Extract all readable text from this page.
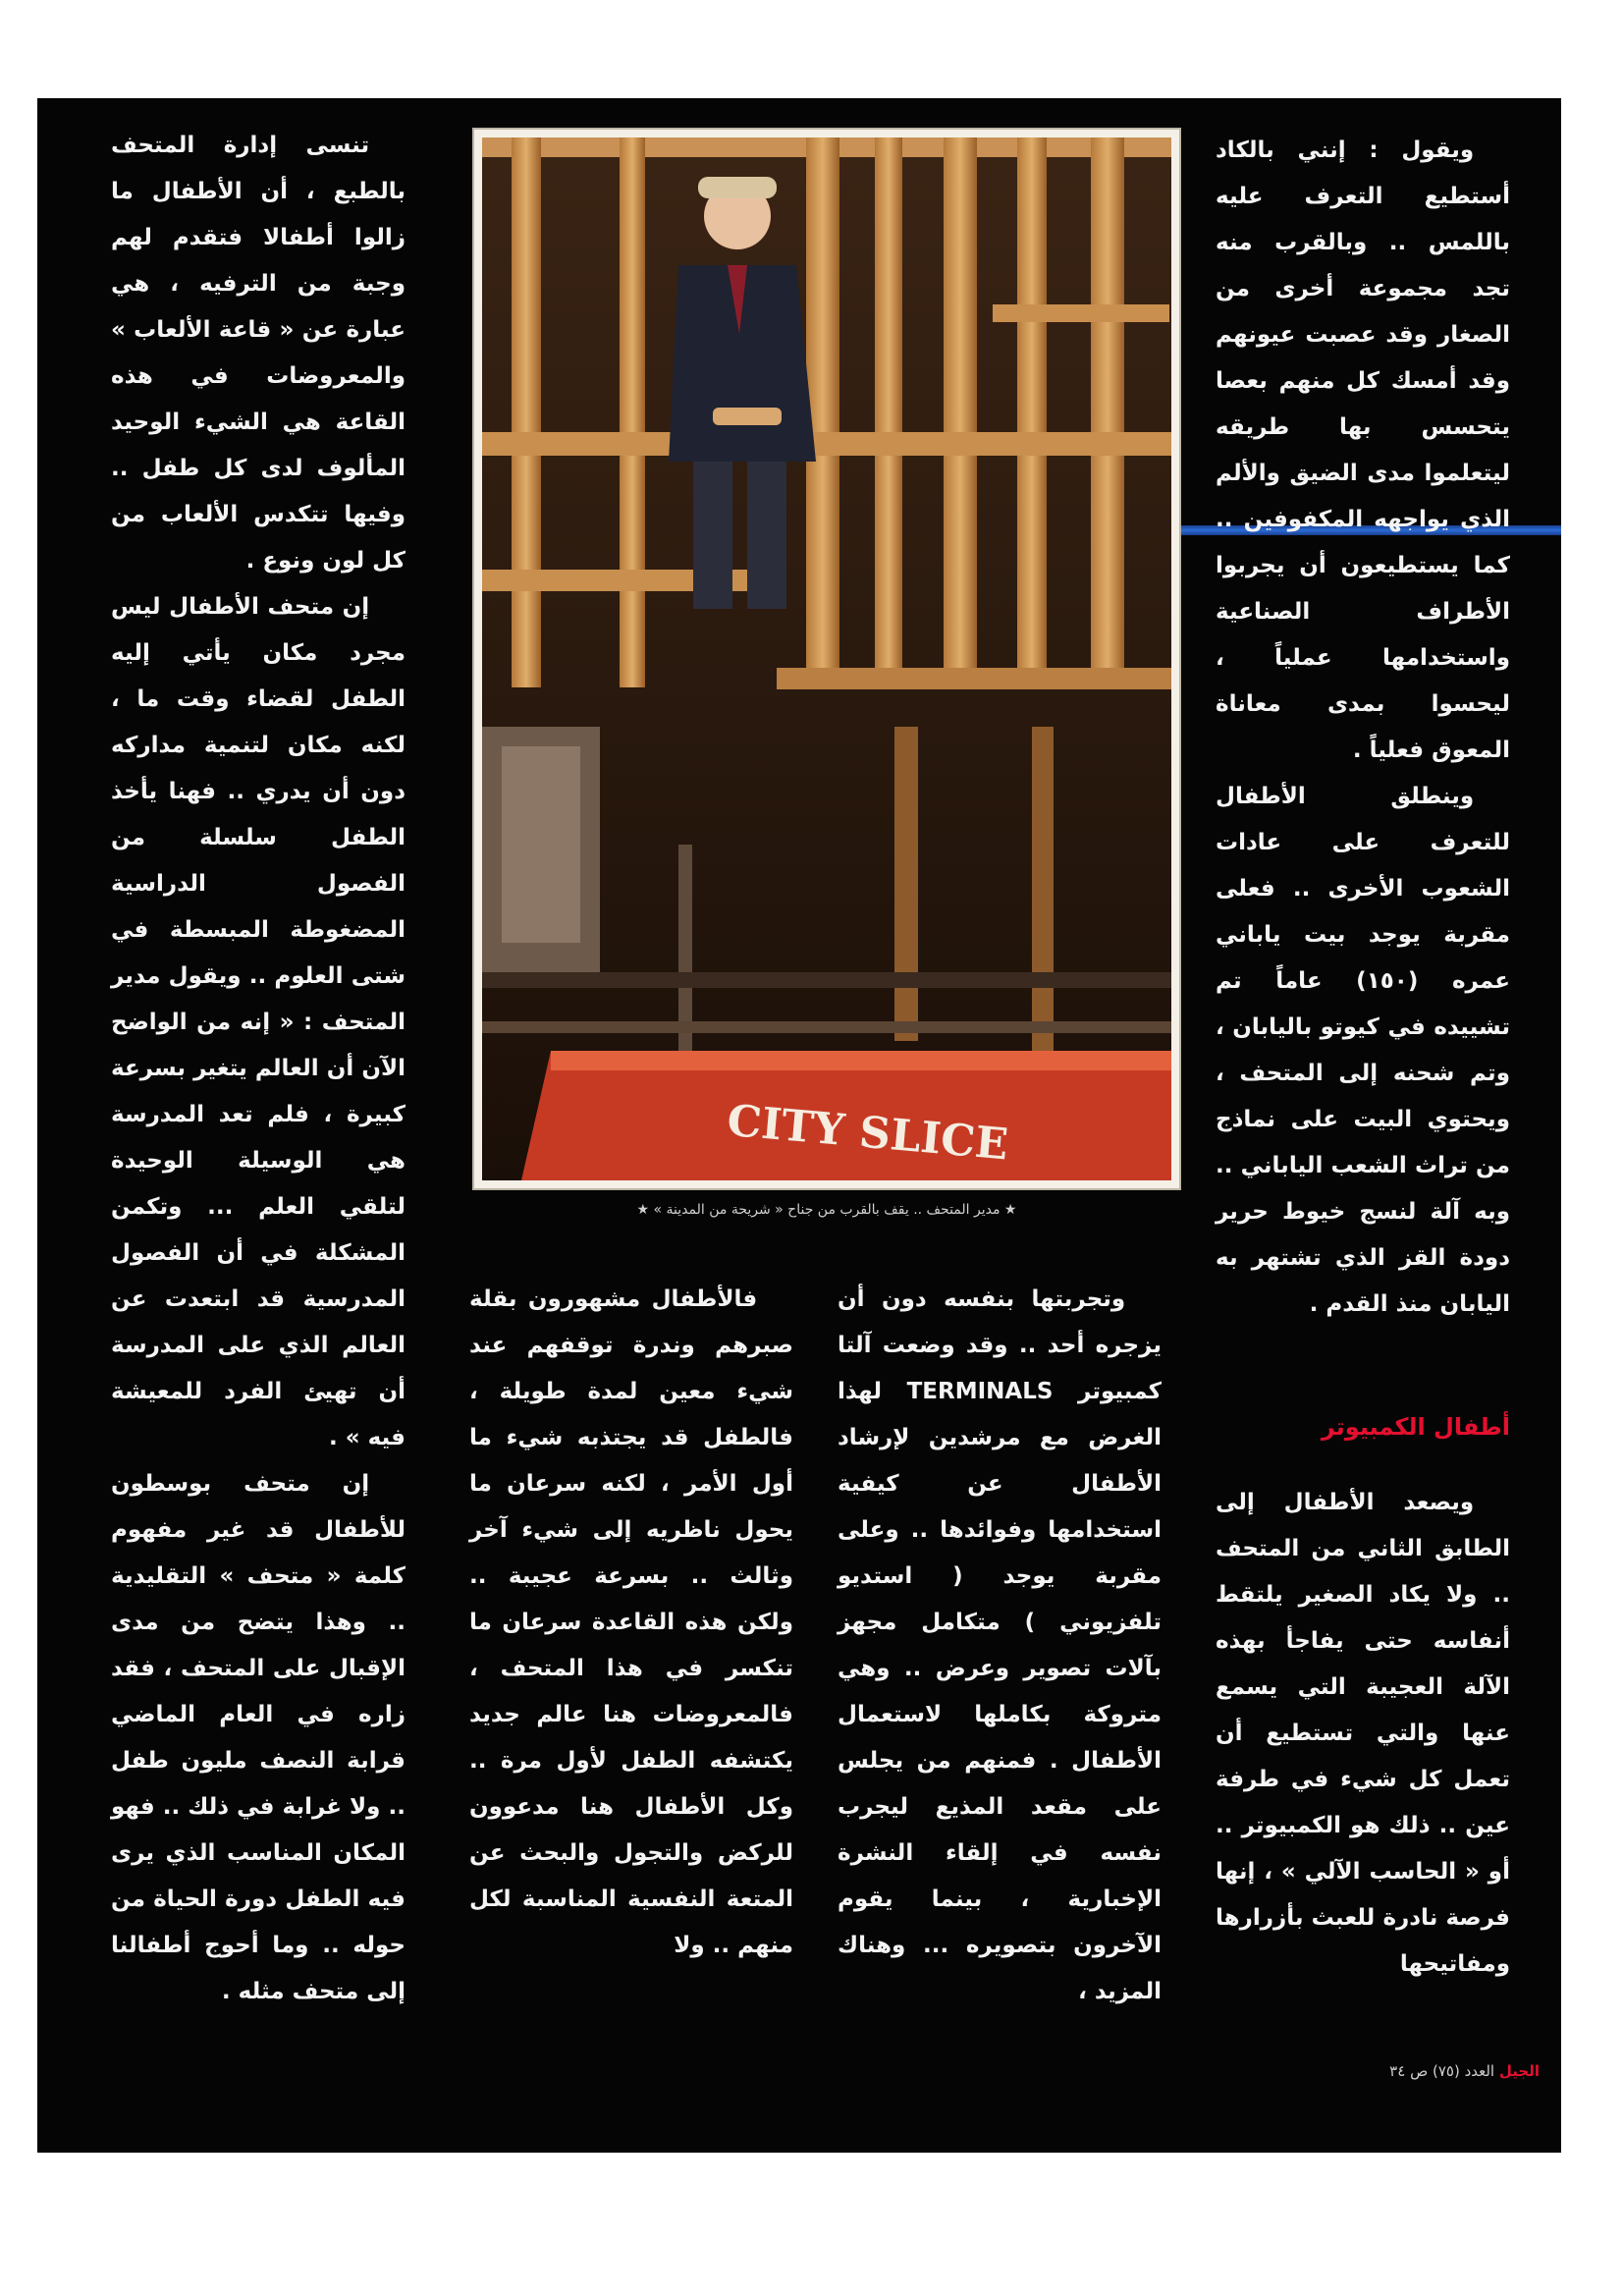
ويقول : إنني بالكاد أستطيع التعرف عليه باللمس .. وبالقرب منه تجد مجموعة أخرى من الصغار وقد عصبت عيونهم وقد أمسك كل منهم بعصا يتحسس بها طريقه ليتعلموا مدى الضيق والألم الذي يواجهه المكفوفين .. كما يستطيعون أن يجربوا الأطراف الصناعية واستخدامها عملياً ، ليحسوا بمدى معاناة المعوق فعلياً .

وينطلق الأطفال للتعرف على عادات الشعوب الأخرى .. فعلى مقربة يوجد بيت ياباني عمره (١٥٠) عاماً تم تشييده في كيوتو باليابان ، وتم شحنه إلى المتحف ، ويحتوي البيت على نماذج من تراث الشعب الياباني .. وبه آلة لنسج خيوط حرير دودة القز الذي تشتهر به اليابان منذ القدم .

أطفال الكمبيوتر

ويصعد الأطفال إلى الطابق الثاني من المتحف .. ولا يكاد الصغير يلتقط أنفاسه حتى يفاجأ بهذه الآلة العجيبة التي يسمع عنها والتي تستطيع أن تعمل كل شيء في طرفة عين .. ذلك هو الكمبيوتر .. أو « الحاسب الآلي » ، إنها فرصة نادرة للعبث بأزرارها ومفاتيحها

CITY SLICE
★ مدير المتحف .. يقف بالقرب من جناح « شريحة من المدينة » ★

وتجربتها بنفسه دون أن يزجره أحد .. وقد وضعت آلتا كمبيوتر TERMINALS لهذا الغرض مع مرشدين لإرشاد الأطفال عن كيفية استخدامها وفوائدها .. وعلى مقربة يوجد ( استديو تلفزيوني ) متكامل مجهز بآلات تصوير وعرض .. وهي متروكة بكاملها لاستعمال الأطفال . فمنهم من يجلس على مقعد المذيع ليجرب نفسه في إلقاء النشرة الإخبارية ، بينما يقوم الآخرون بتصويره ... وهناك المزيد ،

فالأطفال مشهورون بقلة صبرهم وندرة توقفهم عند شيء معين لمدة طويلة ، فالطفل قد يجتذبه شيء ما أول الأمر ، لكنه سرعان ما يحول ناظريه إلى شيء آخر وثالث .. بسرعة عجيبة .. ولكن هذه القاعدة سرعان ما تنكسر في هذا المتحف ، فالمعروضات هنا عالم جديد يكتشفه الطفل لأول مرة .. وكل الأطفال هنا مدعوون للركض والتجول والبحث عن المتعة النفسية المناسبة لكل منهم .. ولا

تنسى إدارة المتحف بالطبع ، أن الأطفال ما زالوا أطفالا فتقدم لهم وجبة من الترفيه ، هي عبارة عن « قاعة الألعاب » والمعروضات في هذه القاعة هي الشيء الوحيد المألوف لدى كل طفل .. وفيها تتكدس الألعاب من كل لون ونوع .

إن متحف الأطفال ليس مجرد مكان يأتي إليه الطفل لقضاء وقت ما ، لكنه مكان لتنمية مداركه دون أن يدري .. فهنا يأخذ الطفل سلسلة من الفصول الدراسية المضغوطة المبسطة في شتى العلوم .. ويقول مدير المتحف : « إنه من الواضح الآن أن العالم يتغير بسرعة كبيرة ، فلم تعد المدرسة هي الوسيلة الوحيدة لتلقي العلم ... وتكمن المشكلة في أن الفصول المدرسية قد ابتعدت عن العالم الذي على المدرسة أن تهيئ الفرد للمعيشة فيه » .

إن متحف بوسطون للأطفال قد غير مفهوم كلمة « متحف » التقليدية .. وهذا يتضح من مدى الإقبال على المتحف ، فقد زاره في العام الماضي قرابة النصف مليون طفل .. ولا غرابة في ذلك .. فهو المكان المناسب الذي يرى فيه الطفل دورة الحياة من حوله .. وما أحوج أطفالنا إلى متحف مثله .

الجيل العدد (٧٥) ص ٣٤
